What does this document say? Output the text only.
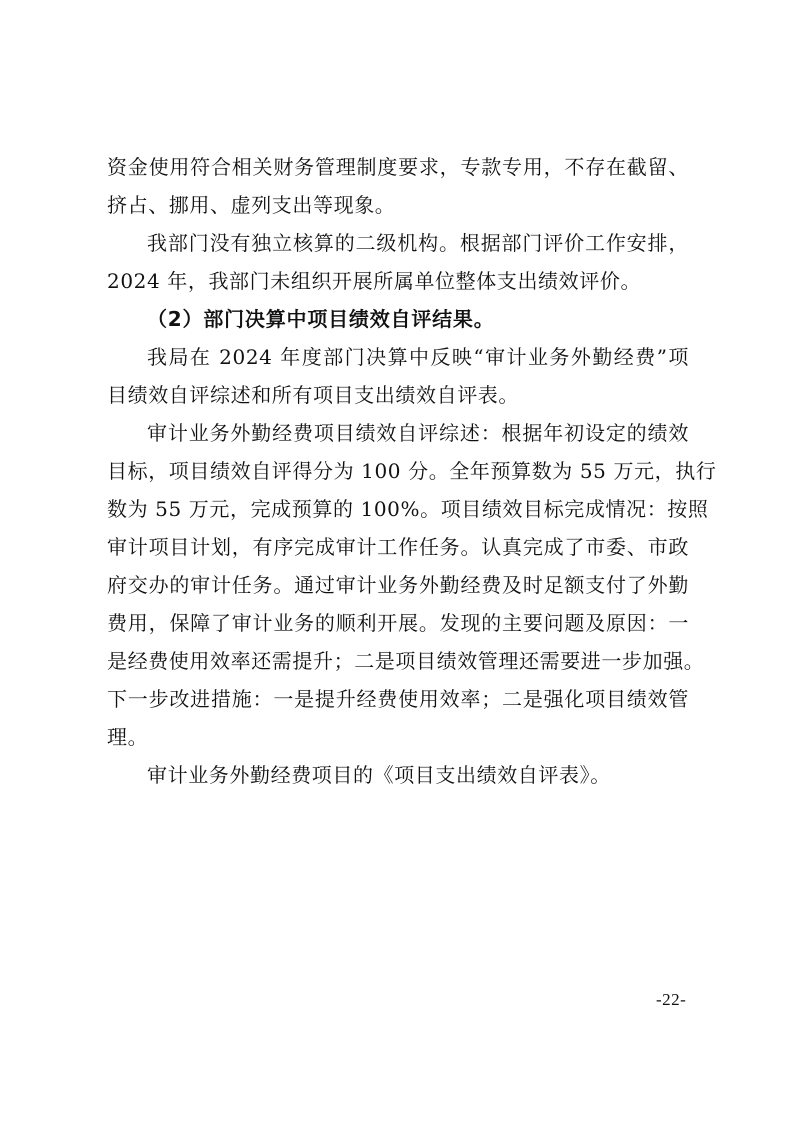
资金使用符合相关财务管理制度要求，专款专用，不存在截留、
挤占、挪用、虚列支出等现象。
我部门没有独立核算的二级机构。根据部门评价工作安排，
2024 年，我部门未组织开展所属单位整体支出绩效评价。
（2）部门决算中项目绩效自评结果。
我局在 2024 年度部门决算中反映“审计业务外勤经费”项
目绩效自评综述和所有项目支出绩效自评表。
审计业务外勤经费项目绩效自评综述：根据年初设定的绩效
目标，项目绩效自评得分为 100 分。全年预算数为 55 万元，执行
数为 55 万元，完成预算的 100%。项目绩效目标完成情况：按照
审计项目计划，有序完成审计工作任务。认真完成了市委、市政
府交办的审计任务。通过审计业务外勤经费及时足额支付了外勤
费用，保障了审计业务的顺利开展。发现的主要问题及原因：一
是经费使用效率还需提升；二是项目绩效管理还需要进一步加强。
下一步改进措施：一是提升经费使用效率；二是强化项目绩效管
理。
审计业务外勤经费项目的《项目支出绩效自评表》。
-22-
